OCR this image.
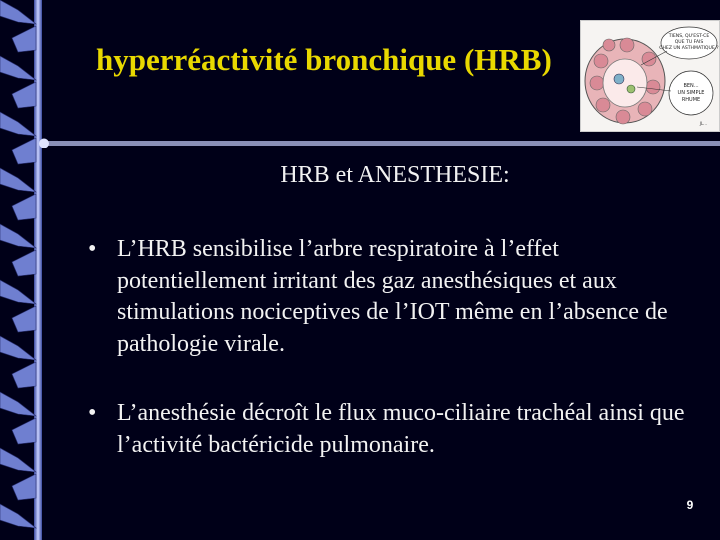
hyperréactivité bronchique (HRB)
TIENS, QU'EST-CE
QUE TU FAIS
CHEZ UN ASTHMATIQUE ?
BEN...
UN SIMPLE
RHUME
JL...
HRB et ANESTHESIE:
• L’HRB sensibilise l’arbre respiratoire à l’effet potentiellement irritant des gaz anesthésiques et aux stimulations nociceptives de l’IOT même en l’absence de pathologie virale.
• L’anesthésie décroît le flux muco-ciliaire trachéal ainsi que l’activité bactéricide pulmonaire.
9
